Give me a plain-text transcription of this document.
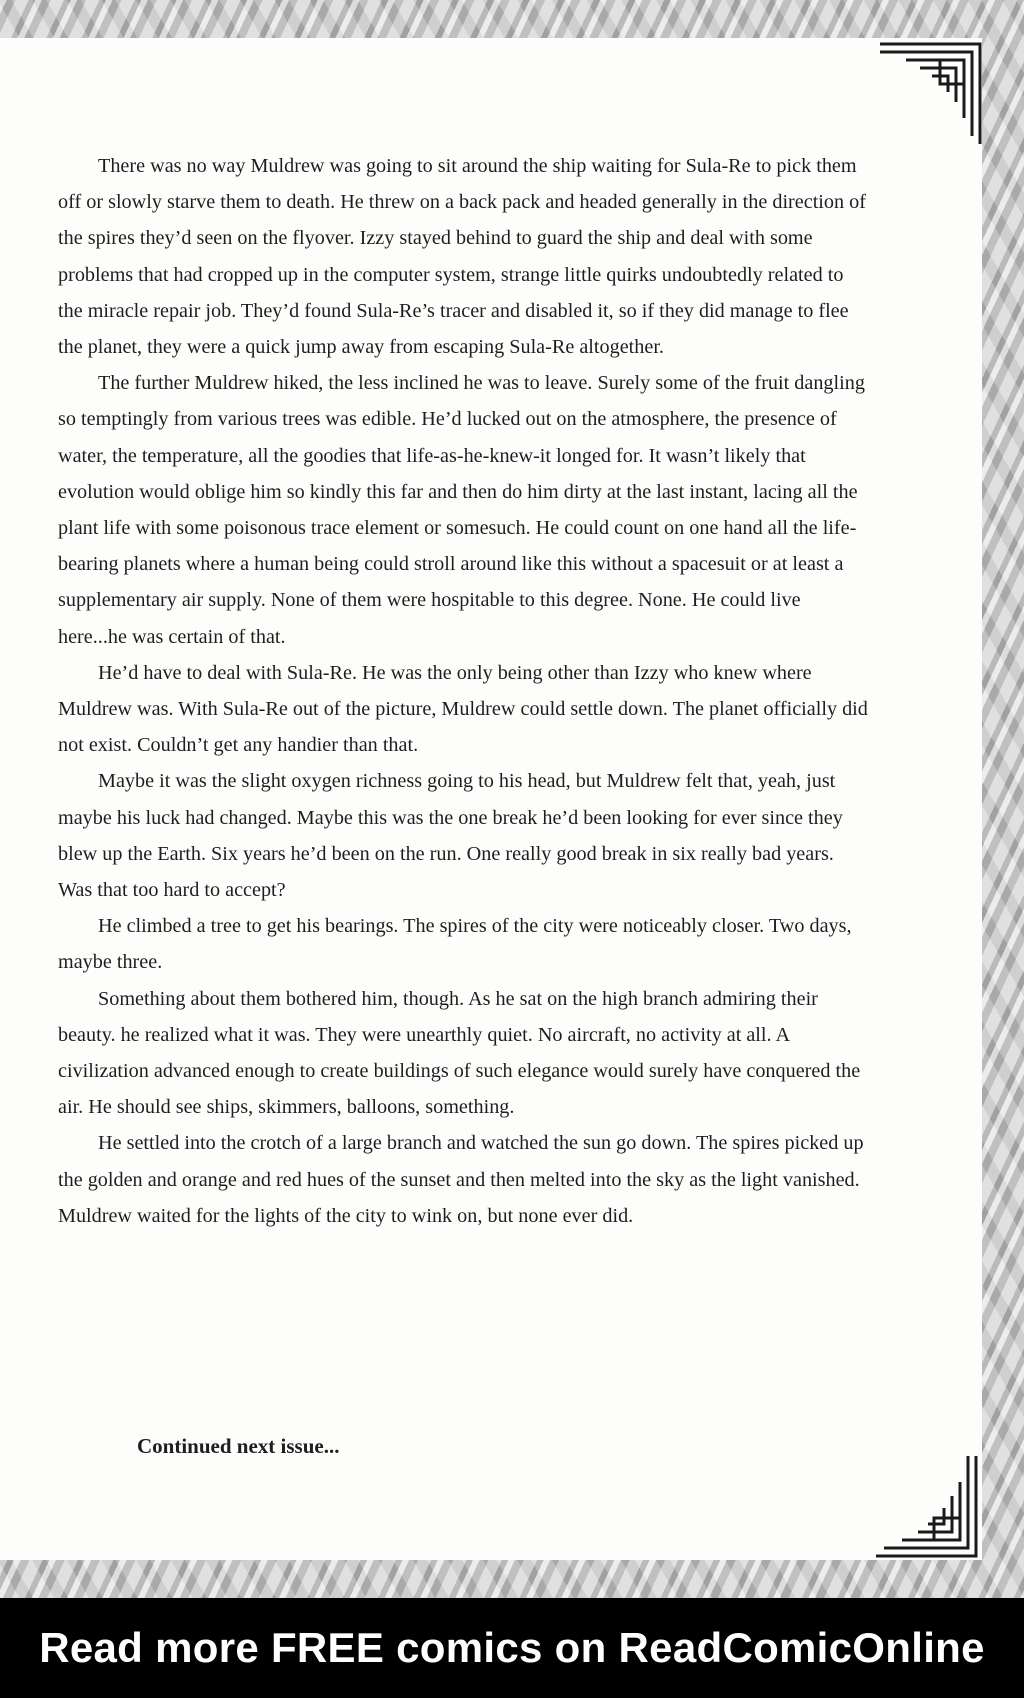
There was no way Muldrew was going to sit around the ship waiting for Sula-Re to pick them off or slowly starve them to death. He threw on a back pack and headed generally in the direction of the spires they’d seen on the flyover. Izzy stayed behind to guard the ship and deal with some problems that had cropped up in the computer system, strange little quirks undoubtedly related to the miracle repair job. They’d found Sula-Re’s tracer and disabled it, so if they did manage to flee the planet, they were a quick jump away from escaping Sula-Re altogether.

The further Muldrew hiked, the less inclined he was to leave. Surely some of the fruit dangling so temptingly from various trees was edible. He’d lucked out on the atmosphere, the presence of water, the temperature, all the goodies that life-as-he-knew-it longed for. It wasn’t likely that evolution would oblige him so kindly this far and then do him dirty at the last instant, lacing all the plant life with some poisonous trace element or somesuch. He could count on one hand all the life-bearing planets where a human being could stroll around like this without a spacesuit or at least a supplementary air supply. None of them were hospitable to this degree. None. He could live here...he was certain of that.

He’d have to deal with Sula-Re. He was the only being other than Izzy who knew where Muldrew was. With Sula-Re out of the picture, Muldrew could settle down. The planet officially did not exist. Couldn’t get any handier than that.

Maybe it was the slight oxygen richness going to his head, but Muldrew felt that, yeah, just maybe his luck had changed. Maybe this was the one break he’d been looking for ever since they blew up the Earth. Six years he’d been on the run. One really good break in six really bad years. Was that too hard to accept?

He climbed a tree to get his bearings. The spires of the city were noticeably closer. Two days, maybe three.

Something about them bothered him, though. As he sat on the high branch admiring their beauty. he realized what it was. They were unearthly quiet. No aircraft, no activity at all. A civilization advanced enough to create buildings of such elegance would surely have conquered the air. He should see ships, skimmers, balloons, something.

He settled into the crotch of a large branch and watched the sun go down. The spires picked up the golden and orange and red hues of the sunset and then melted into the sky as the light vanished. Muldrew waited for the lights of the city to wink on, but none ever did.

Continued next issue...
Read more FREE comics on ReadComicOnline
